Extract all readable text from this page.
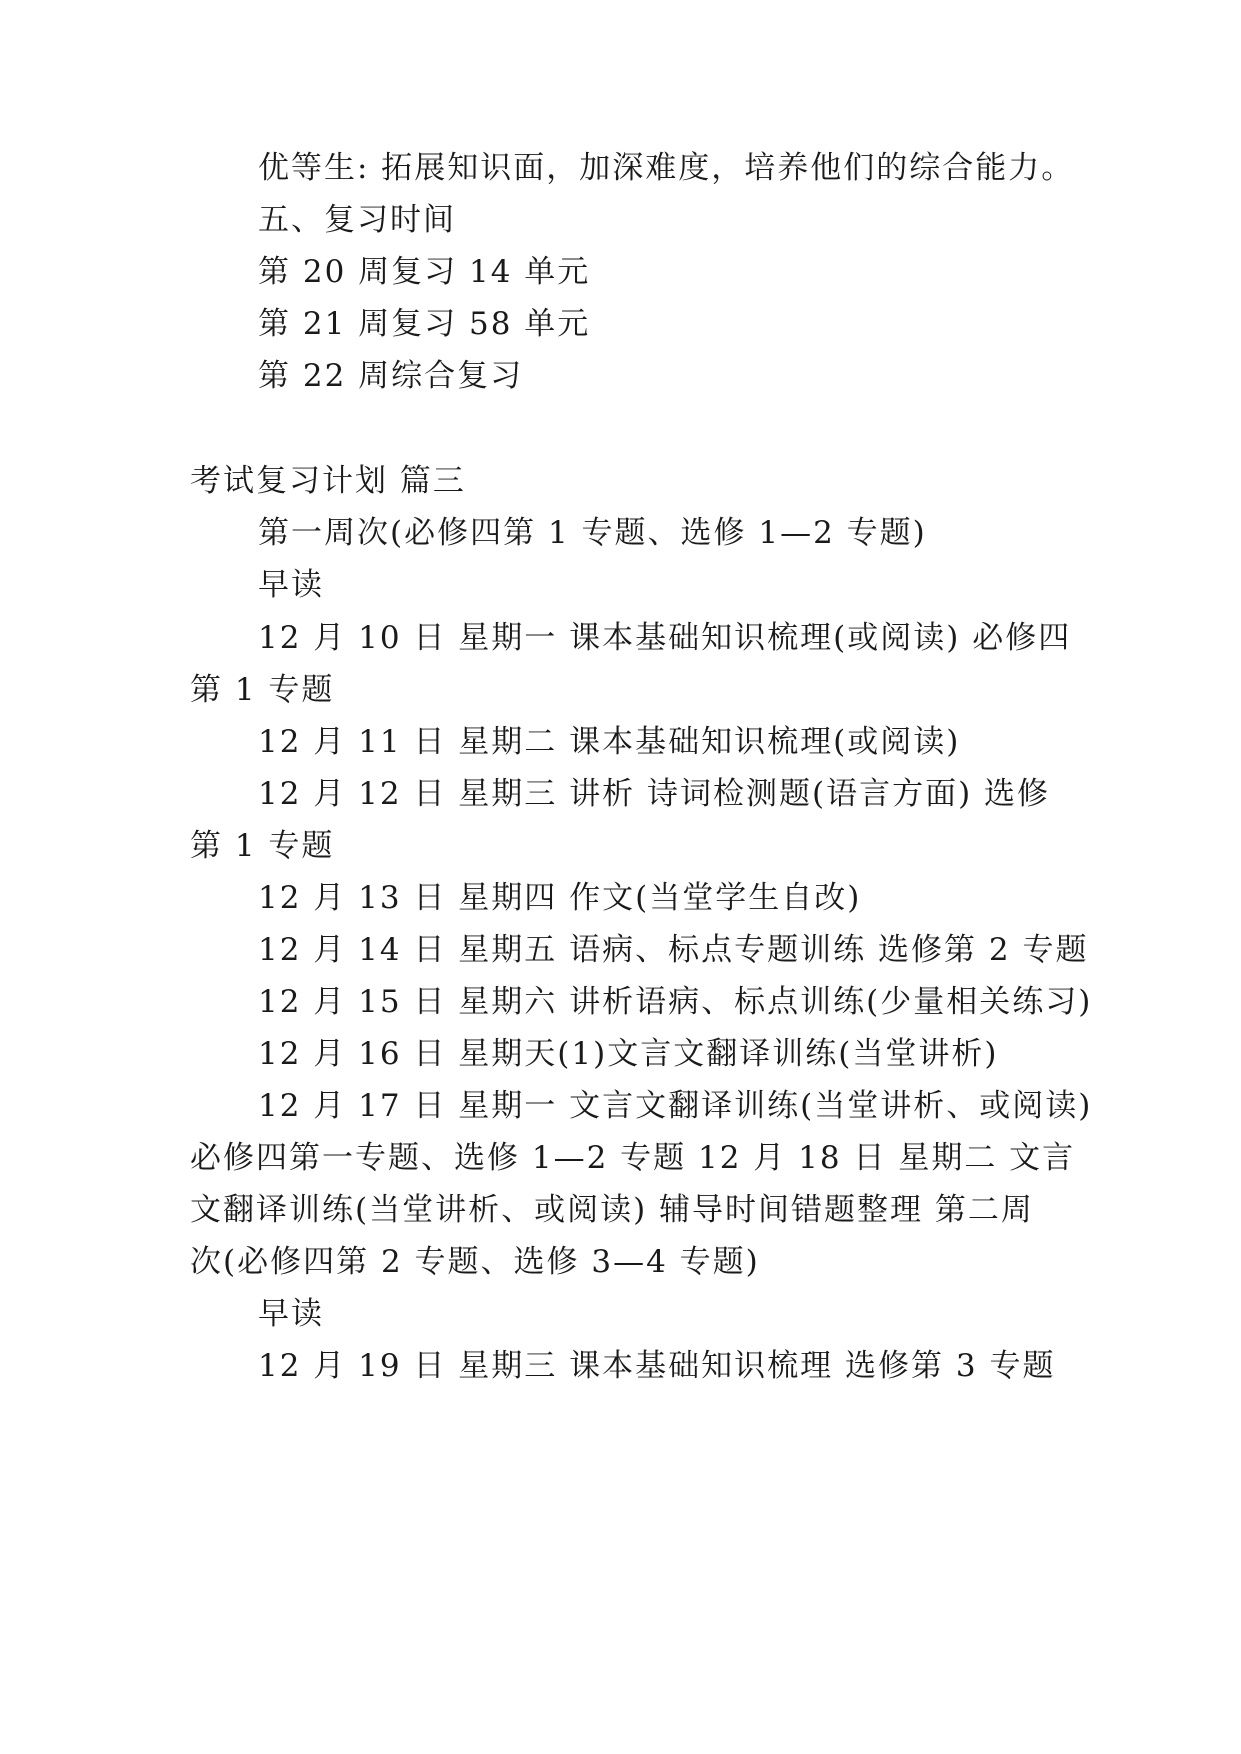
优等生: 拓展知识面，加深难度，培养他们的综合能力。
五、复习时间
第 20 周复习 14 单元
第 21 周复习 58 单元
第 22 周综合复习
考试复习计划 篇三
第一周次(必修四第 1 专题、选修 1—2 专题)
早读
12 月 10 日 星期一 课本基础知识梳理(或阅读) 必修四
第 1 专题
12 月 11 日 星期二 课本基础知识梳理(或阅读)
12 月 12 日 星期三 讲析 诗词检测题(语言方面) 选修
第 1 专题
12 月 13 日 星期四 作文(当堂学生自改)
12 月 14 日 星期五 语病、标点专题训练 选修第 2 专题
12 月 15 日 星期六 讲析语病、标点训练(少量相关练习)
12 月 16 日 星期天(1)文言文翻译训练(当堂讲析)
12 月 17 日 星期一 文言文翻译训练(当堂讲析、或阅读)
必修四第一专题、选修 1—2 专题 12 月 18 日 星期二 文言
文翻译训练(当堂讲析、或阅读) 辅导时间错题整理 第二周
次(必修四第 2 专题、选修 3—4 专题)
早读
12 月 19 日 星期三 课本基础知识梳理 选修第 3 专题
